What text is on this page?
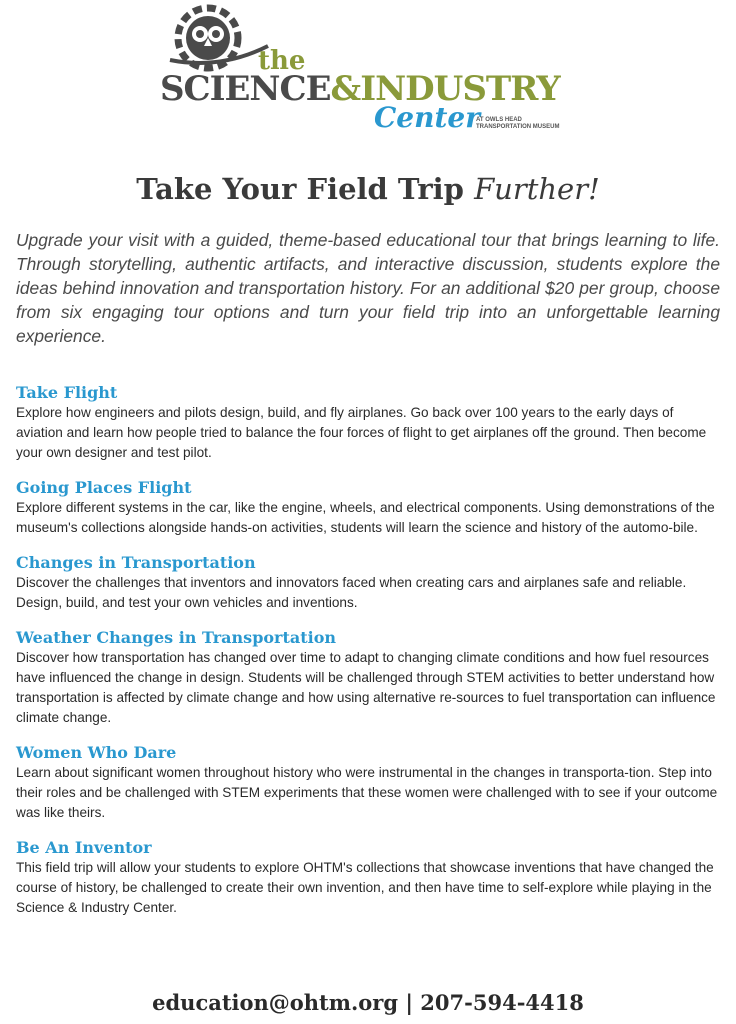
the
SCIENCE&INDUSTRY
Center
AT OWLS HEAD TRANSPORTATION MUSEUM
Take Your Field Trip Further!
Upgrade your visit with a guided, theme-based educational tour that brings learning to life. Through storytelling, authentic artifacts, and interactive discussion, students explore the ideas behind innovation and transportation history. For an additional $20 per group, choose from six engaging tour options and turn your field trip into an unforgettable learning experience.
Take Flight

Explore how engineers and pilots design, build, and fly airplanes. Go back over 100 years to the early days of aviation and learn how people tried to balance the four forces of flight to get airplanes off the ground. Then become your own designer and test pilot.

Going Places Flight

Explore different systems in the car, like the engine, wheels, and electrical components. Using demonstrations of the museum's collections alongside hands-on activities, students will learn the science and history of the automo-bile.

Changes in Transportation

Discover the challenges that inventors and innovators faced when creating cars and airplanes safe and reliable. Design, build, and test your own vehicles and inventions.

Weather Changes in Transportation

Discover how transportation has changed over time to adapt to changing climate conditions and how fuel resources have influenced the change in design. Students will be challenged through STEM activities to better understand how transportation is affected by climate change and how using alternative re-sources to fuel transportation can influence climate change.

Women Who Dare

Learn about significant women throughout history who were instrumental in the changes in transporta-tion. Step into their roles and be challenged with STEM experiments that these women were challenged with to see if your outcome was like theirs.

Be An Inventor

This field trip will allow your students to explore OHTM's collections that showcase inventions that have changed the course of history, be challenged to create their own invention, and then have time to self-explore while playing in the Science & Industry Center.

education@ohtm.org | 207-594-4418
